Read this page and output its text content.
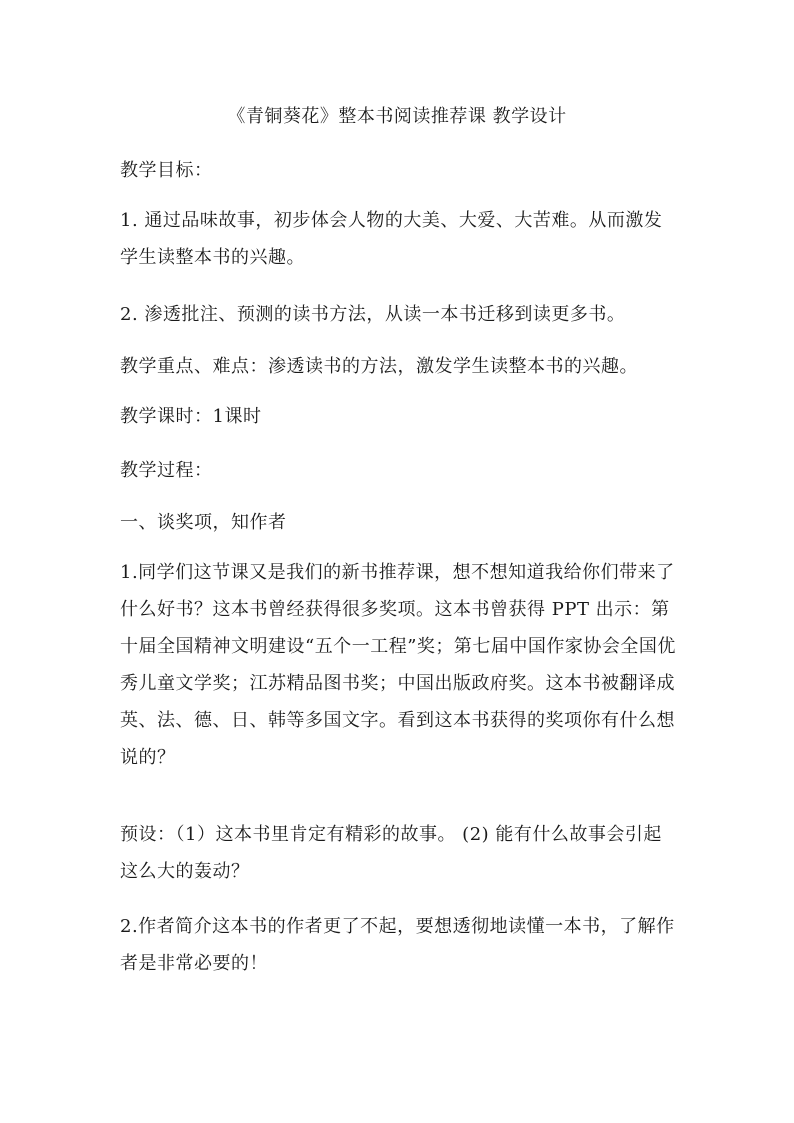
《青铜葵花》整本书阅读推荐课 教学设计

教学目标：

1. 通过品味故事，初步体会人物的大美、大爱、大苦难。从而激发学生读整本书的兴趣。

2. 渗透批注、预测的读书方法，从读一本书迁移到读更多书。

教学重点、难点：渗透读书的方法，激发学生读整本书的兴趣。

教学课时：1课时

教学过程：

一、谈奖项，知作者

1.同学们这节课又是我们的新书推荐课，想不想知道我给你们带来了什么好书？这本书曾经获得很多奖项。这本书曾获得 PPT 出示：第十届全国精神文明建设“五个一工程”奖；第七届中国作家协会全国优秀儿童文学奖；江苏精品图书奖；中国出版政府奖。这本书被翻译成英、法、德、日、韩等多国文字。看到这本书获得的奖项你有什么想说的？

预设：（1）这本书里肯定有精彩的故事。 (2) 能有什么故事会引起这么大的轰动？

2.作者简介这本书的作者更了不起，要想透彻地读懂一本书，了解作者是非常必要的！
